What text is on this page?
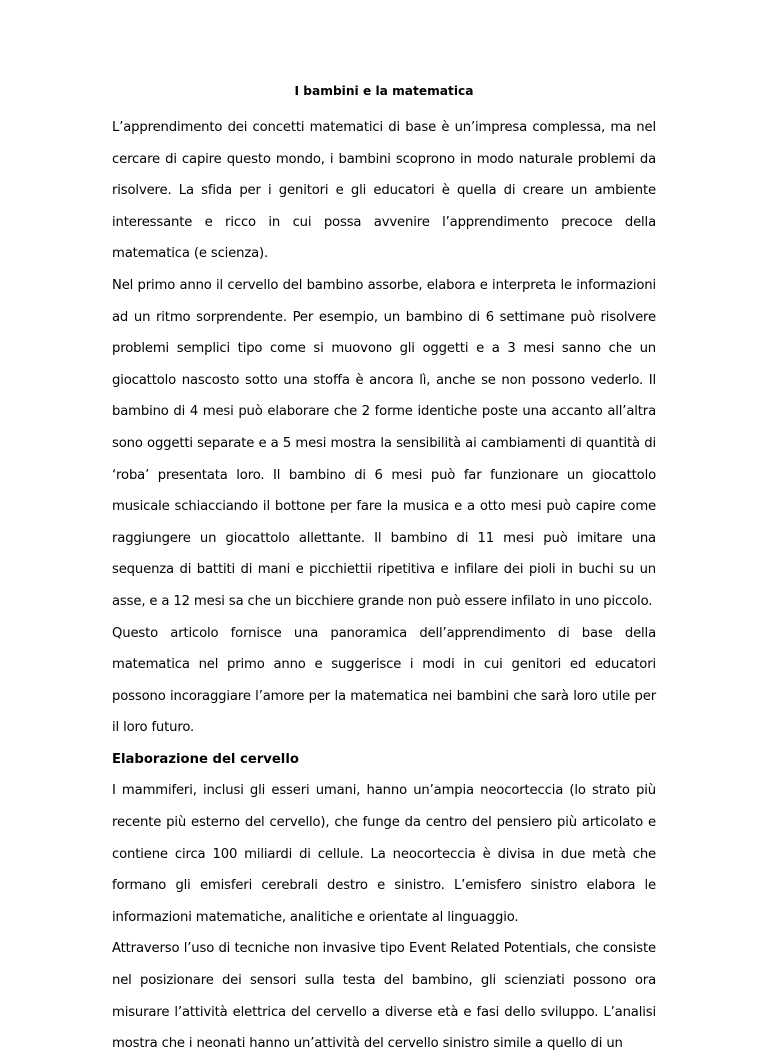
I bambini e la matematica

L’apprendimento dei concetti matematici di base è un’impresa complessa, ma nel cercare di capire questo mondo, i bambini scoprono in modo naturale problemi da risolvere. La sfida per i genitori e gli educatori è quella di creare un ambiente interessante e ricco in cui possa avvenire l’apprendimento precoce della matematica (e scienza).

Nel primo anno il cervello del bambino assorbe, elabora e interpreta le informazioni ad un ritmo sorprendente. Per esempio, un bambino di 6 settimane può risolvere problemi semplici tipo come si muovono gli oggetti e a 3 mesi sanno che un giocattolo nascosto sotto una stoffa è ancora lì, anche se non possono vederlo. Il bambino di 4 mesi può elaborare che 2 forme identiche poste una accanto all’altra sono oggetti separate e a 5 mesi mostra la sensibilità ai cambiamenti di quantità di ‘roba’ presentata loro. Il bambino di 6 mesi può far funzionare un giocattolo musicale schiacciando il bottone per fare la musica e a otto mesi può capire come raggiungere un giocattolo allettante. Il bambino di 11 mesi può imitare una sequenza di battiti di mani e picchiettii ripetitiva e infilare dei pioli in buchi su un asse, e a 12 mesi sa che un bicchiere grande non può essere infilato in uno piccolo.

Questo articolo fornisce una panoramica dell’apprendimento di base della matematica nel primo anno e suggerisce i modi in cui genitori ed educatori possono incoraggiare l’amore per la matematica nei bambini che sarà loro utile per il loro futuro.

Elaborazione del cervello

I mammiferi, inclusi gli esseri umani, hanno un’ampia neocorteccia (lo strato più recente più esterno del cervello), che funge da centro del pensiero più articolato e contiene circa 100 miliardi di cellule. La neocorteccia è divisa in due metà che formano gli emisferi cerebrali destro e sinistro. L’emisfero sinistro elabora le informazioni matematiche, analitiche e orientate al linguaggio.

Attraverso l’uso di tecniche non invasive tipo Event Related Potentials, che consiste nel posizionare dei sensori sulla testa del bambino, gli scienziati possono ora misurare l’attività elettrica del cervello a diverse età e fasi dello sviluppo. L’analisi mostra che i neonati hanno un’attività del cervello sinistro simile a quello di un
